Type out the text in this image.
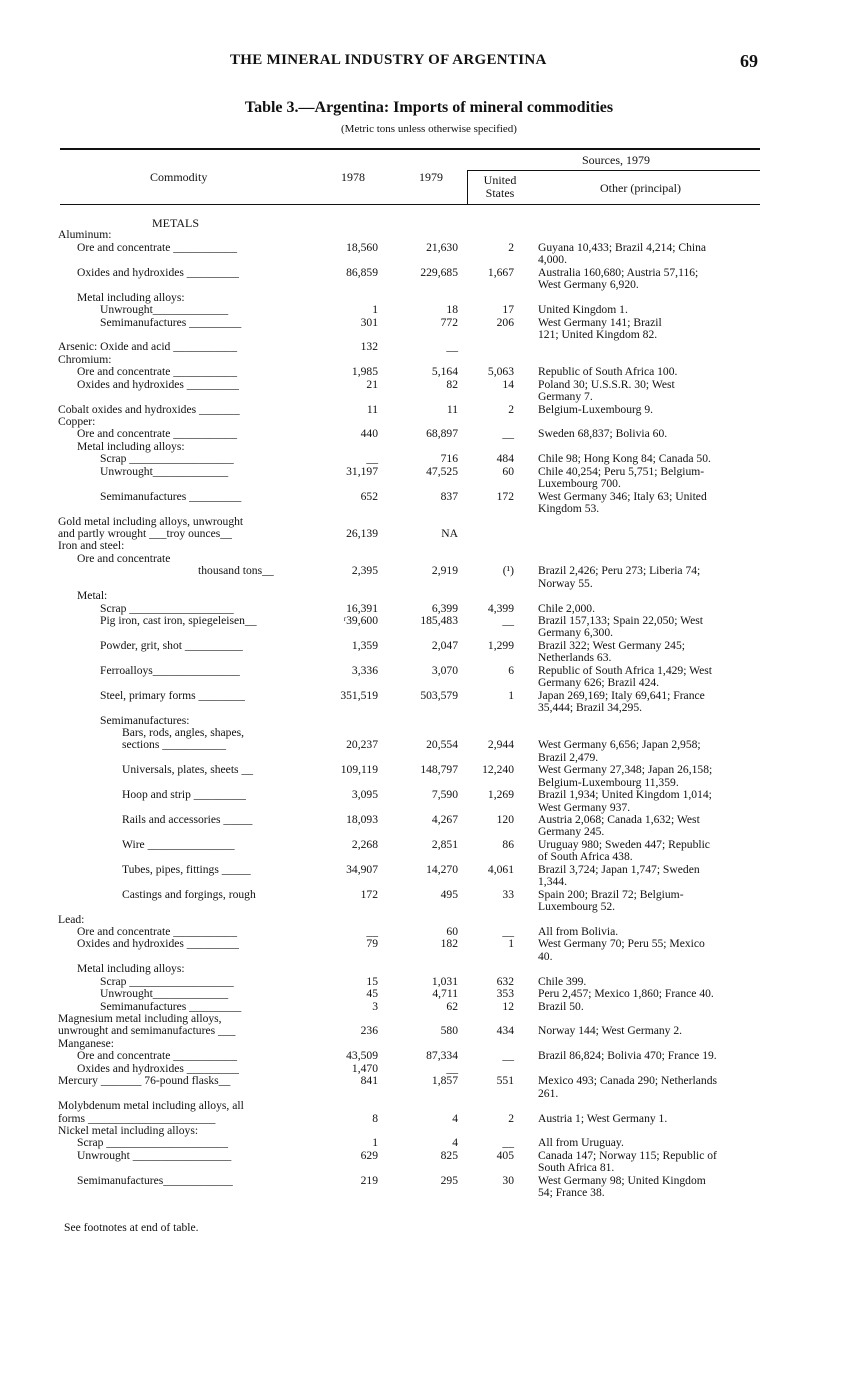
THE MINERAL INDUSTRY OF ARGENTINA	69
Table 3.—Argentina: Imports of mineral commodities
(Metric tons unless otherwise specified)
Commodity	1978	1979
Sources, 1979
United
States	Other (principal)
METALS
Aluminum:
Ore and concentrate ___________	18,560	21,630	2 Guyana 10,433; Brazil 4,214; China
4,000.
Oxides and hydroxides _________	86,859	229,685	1,667 Australia 160,680; Austria 57,116;
West Germany 6,920.
Metal including alloys:
Unwrought_____________	1	18	17 United Kingdom 1.
Semimanufactures _________	301	772	206 West Germany 141; Brazil
121; United Kingdom 82.
Arsenic: Oxide and acid ___________	132	__
Chromium:
Ore and concentrate ___________	1,985	5,164	5,063 Republic of South Africa 100.
Oxides and hydroxides _________	21	82	14 Poland 30; U.S.S.R. 30; West
Germany 7.
Cobalt oxides and hydroxides _______	11	11	2 Belgium-Luxembourg 9.
Copper:
Ore and concentrate ___________	440	68,897	__ Sweden 68,837; Bolivia 60.
Metal including alloys:
Scrap __________________	__	716	484 Chile 98; Hong Kong 84; Canada 50.
Unwrought_____________	31,197	47,525	60 Chile 40,254; Peru 5,751; Belgium-
Luxembourg 700.
Semimanufactures _________	652	837	172 West Germany 346; Italy 63; United
Kingdom 53.
Gold metal including alloys, unwrought
and partly wrought ___troy ounces__	26,139	NA
Iron and steel:
Ore and concentrate
thousand tons__	2,395	2,919	(¹) Brazil 2,426; Peru 273; Liberia 74;
Norway 55.
Metal:
Scrap __________________	16,391	6,399	4,399 Chile 2,000.
Pig iron, cast iron, spiegeleisen__	ʳ39,600	185,483	__ Brazil 157,133; Spain 22,050; West
Germany 6,300.
Powder, grit, shot __________	1,359	2,047	1,299 Brazil 322; West Germany 245;
Netherlands 63.
Ferroalloys_______________	3,336	3,070	6 Republic of South Africa 1,429; West
Germany 626; Brazil 424.
Steel, primary forms ________	351,519	503,579	1 Japan 269,169; Italy 69,641; France
35,444; Brazil 34,295.
Semimanufactures:
Bars, rods, angles, shapes,
sections ___________	20,237	20,554	2,944 West Germany 6,656; Japan 2,958;
Brazil 2,479.
Universals, plates, sheets __	109,119	148,797	12,240 West Germany 27,348; Japan 26,158;
Belgium-Luxembourg 11,359.
Hoop and strip _________	3,095	7,590	1,269 Brazil 1,934; United Kingdom 1,014;
West Germany 937.
Rails and accessories _____	18,093	4,267	120 Austria 2,068; Canada 1,632; West
Germany 245.
Wire _______________	2,268	2,851	86 Uruguay 980; Sweden 447; Republic
of South Africa 438.
Tubes, pipes, fittings _____	34,907	14,270	4,061 Brazil 3,724; Japan 1,747; Sweden
1,344.
Castings and forgings, rough	172	495	33 Spain 200; Brazil 72; Belgium-
Luxembourg 52.
Lead:
Ore and concentrate ___________	__	60	__ All from Bolivia.
Oxides and hydroxides _________	79	182	1 West Germany 70; Peru 55; Mexico
40.
Metal including alloys:
Scrap __________________	15	1,031	632 Chile 399.
Unwrought_____________	45	4,711	353 Peru 2,457; Mexico 1,860; France 40.
Semimanufactures _________	3	62	12 Brazil 50.
Magnesium metal including alloys,
unwrought and semimanufactures ___	236	580	434 Norway 144; West Germany 2.
Manganese:
Ore and concentrate ___________	43,509	87,334	__ Brazil 86,824; Bolivia 470; France 19.
Oxides and hydroxides _________	1,470	__
Mercury _______ 76-pound flasks__	841	1,857	551 Mexico 493; Canada 290; Netherlands
261.
Molybdenum metal including alloys, all
forms ______________________	8	4	2 Austria 1; West Germany 1.
Nickel metal including alloys:
Scrap _____________________	1	4	__ All from Uruguay.
Unwrought _________________	629	825	405 Canada 147; Norway 115; Republic of
South Africa 81.
Semimanufactures____________	219	295	30 West Germany 98; United Kingdom
54; France 38.
See footnotes at end of table.
